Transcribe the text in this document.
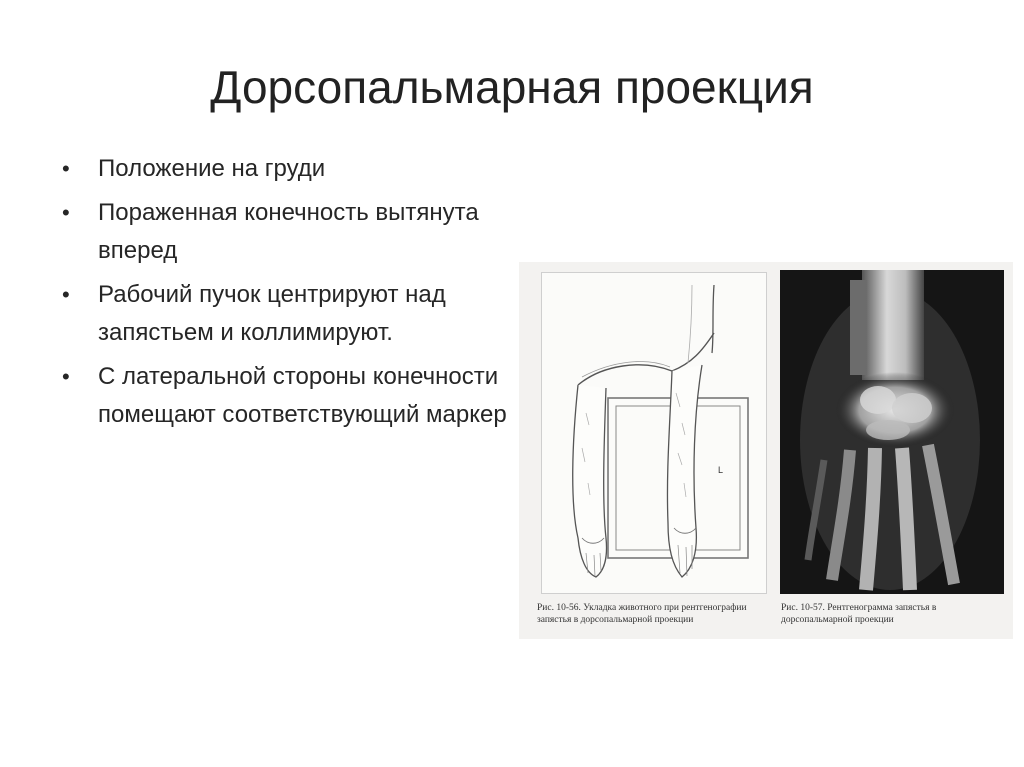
Дорсопальмарная проекция
• Положение на груди
• Пораженная конечность вытянута вперед
• Рабочий пучок центрируют над запястьем и коллимируют.
• С латеральной стороны конечности помещают соответствующий маркер
L
Рис. 10-56. Укладка животного при рентгенографии запястья в дорсопальмарной проекции
Рис. 10-57. Рентгенограмма запястья в дорсопальмарной проекции
